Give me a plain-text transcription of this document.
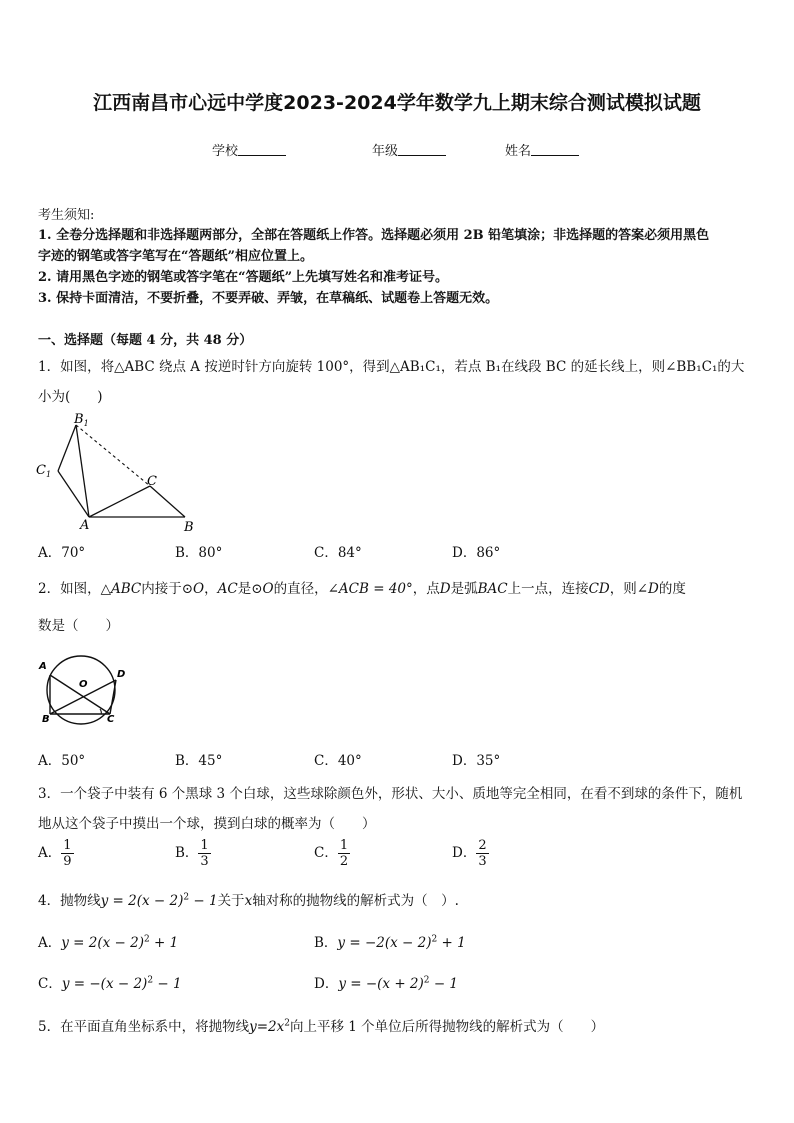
江西南昌市心远中学度2023-2024学年数学九上期末综合测试模拟试题
学校	年级	姓名
考生须知:
1. 全卷分选择题和非选择题两部分，全部在答题纸上作答。选择题必须用 2B 铅笔填涂；非选择题的答案必须用黑色
字迹的钢笔或答字笔写在“答题纸”相应位置上。
2. 请用黑色字迹的钢笔或答字笔在“答题纸”上先填写姓名和准考证号。
3. 保持卡面清洁，不要折叠，不要弄破、弄皱，在草稿纸、试题卷上答题无效。
一、选择题（每题 4 分，共 48 分）
1．如图，将△ABC 绕点 A 按逆时针方向旋转 100°，得到△AB₁C₁，若点 B₁在线段 BC 的延长线上，则∠BB₁C₁的大
小为(　　)
$B_1$
$C_1$	C
A	B
A．70°	B．80°	C．84°	D．86°
2．如图，△ABC内接于⊙O，AC是⊙O的直径，∠ACB = 40°，点D是弧BAC上一点，连接CD，则∠D的度
数是（　　）
A
O
D
B	C
A．50°	B．45°	C．40°	D．35°
3．一个袋子中装有 6 个黑球 3 个白球，这些球除颜色外，形状、大小、质地等完全相同，在看不到球的条件下，随机
地从这个袋子中摸出一个球，摸到白球的概率为（　　）
A． $\frac{1}{9}$	B． $\frac{1}{3}$	C． $\frac{1}{2}$	D． $\frac{2}{3}$
4．抛物线$y = 2(x - 2)^2 - 1$关于x轴对称的抛物线的解析式为（　）.
A．$y = 2(x - 2)^2 + 1$	B．$y = -2(x - 2)^2 + 1$
C．$y = -(x - 2)^2 - 1$	D．$y = -(x + 2)^2 - 1$
5．在平面直角坐标系中，将抛物线$y=2x^2$向上平移 1 个单位后所得抛物线的解析式为（　　）
